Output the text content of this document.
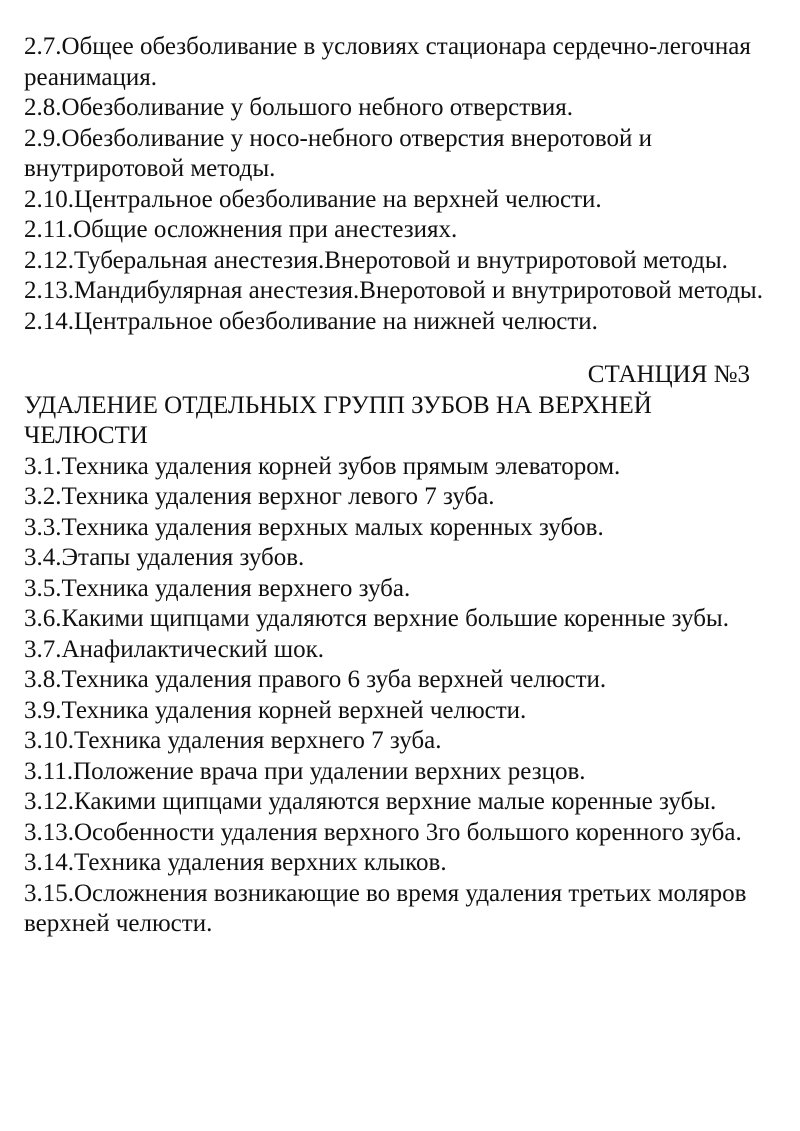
2.7.Общее обезболивание в условиях стационара сердечно-легочная реанимация.

2.8.Обезболивание у большого небного отверствия.

2.9.Обезболивание у носо-небного отверстия внеротовой и внутриротовой методы.

2.10.Центральное обезболивание на верхней челюсти.

2.11.Общие осложнения при анестезиях.

2.12.Туберальная анестезия.Внеротовой и внутриротовой методы.

2.13.Мандибулярная анестезия.Внеротовой и внутриротовой методы.

2.14.Центральное обезболивание на нижней челюсти.

СТАНЦИЯ №3
УДАЛЕНИЕ ОТДЕЛЬНЫХ ГРУПП ЗУБОВ НА ВЕРХНЕЙ ЧЕЛЮСТИ

3.1.Техника удаления корней зубов прямым элеватором.

3.2.Техника удаления верхног левого 7 зуба.

3.3.Техника удаления верхных малых коренных зубов.

3.4.Этапы удаления зубов.

3.5.Техника удаления верхнего зуба.

3.6.Какими щипцами удаляются верхние большие коренные зубы.

3.7.Анафилактический шок.

3.8.Техника удаления правого 6 зуба верхней челюсти.

3.9.Техника удаления корней верхней челюсти.

3.10.Техника удаления верхнего 7 зуба.

3.11.Положение врача при удалении верхних резцов.

3.12.Какими щипцами удаляются верхние малые коренные зубы.

3.13.Особенности удаления верхного 3го большого коренного зуба.

3.14.Техника удаления верхних клыков.

3.15.Осложнения возникающие во время удаления третьих моляров верхней челюсти.
